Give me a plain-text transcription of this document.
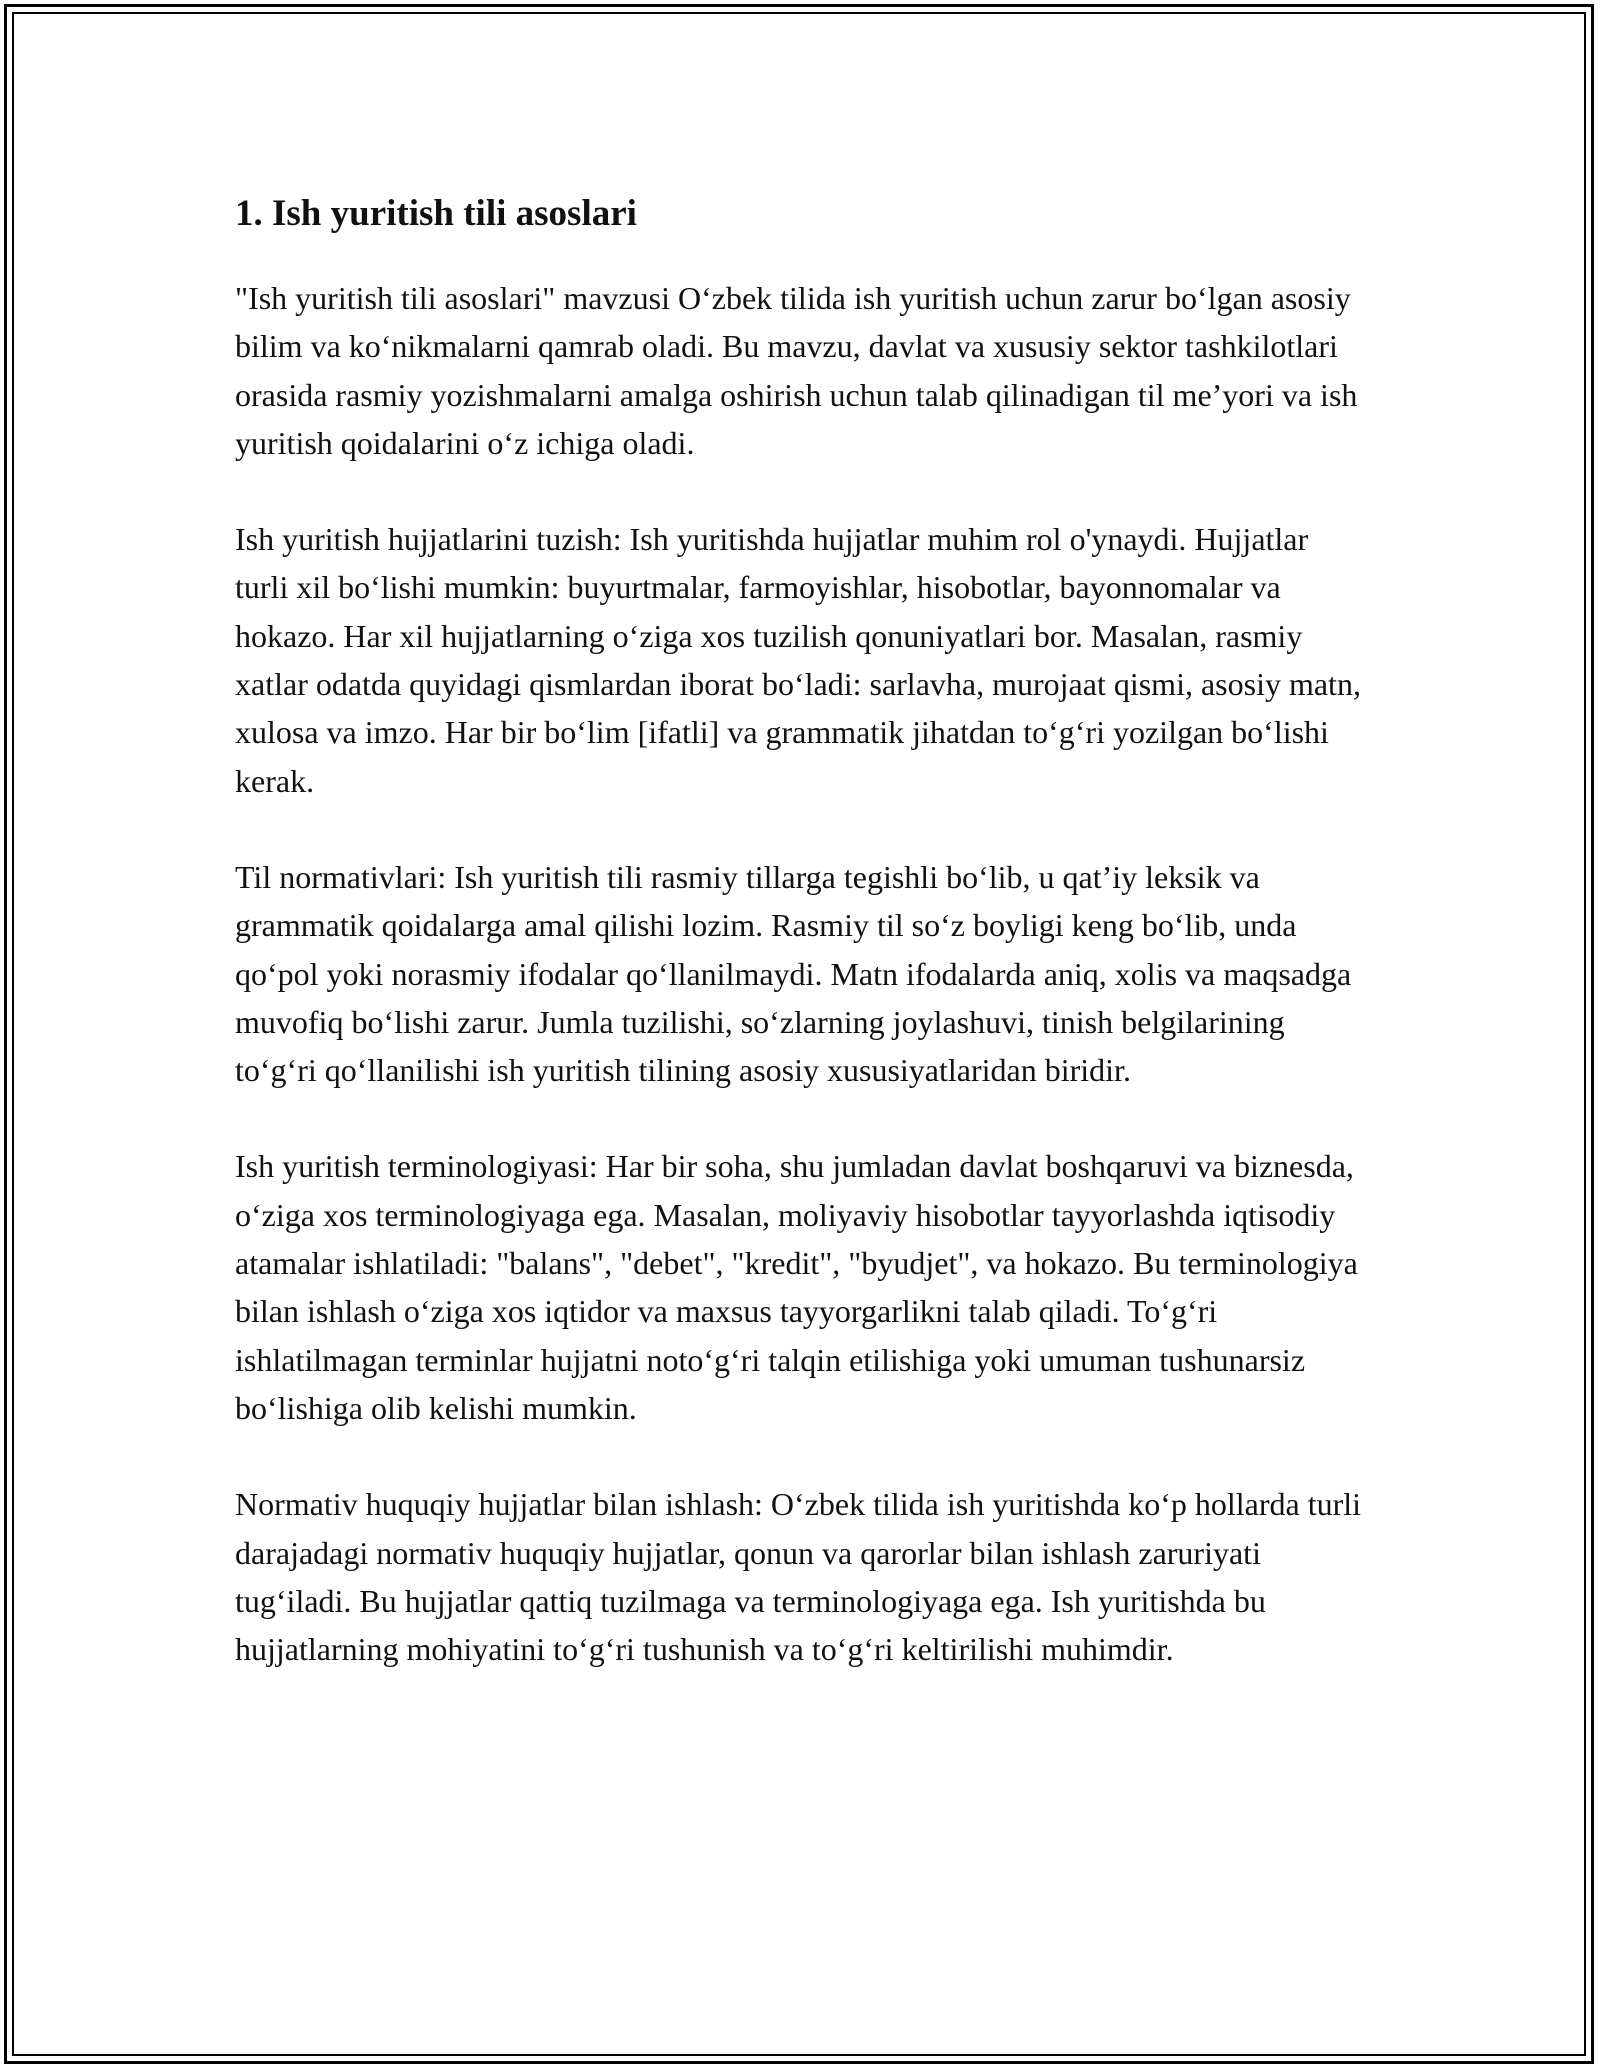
1. Ish yuritish tili asoslari

"Ish yuritish tili asoslari" mavzusi O‘zbek tilida ish yuritish uchun zarur bo‘lgan asosiy bilim va ko‘nikmalarni qamrab oladi. Bu mavzu, davlat va xususiy sektor tashkilotlari orasida rasmiy yozishmalarni amalga oshirish uchun talab qilinadigan til me’yori va ish yuritish qoidalarini o‘z ichiga oladi.

Ish yuritish hujjatlarini tuzish: Ish yuritishda hujjatlar muhim rol o'ynaydi. Hujjatlar turli xil bo‘lishi mumkin: buyurtmalar, farmoyishlar, hisobotlar, bayonnomalar va hokazo. Har xil hujjatlarning o‘ziga xos tuzilish qonuniyatlari bor. Masalan, rasmiy xatlar odatda quyidagi qismlardan iborat bo‘ladi: sarlavha, murojaat qismi, asosiy matn, xulosa va imzo. Har bir bo‘lim [ifatli] va grammatik jihatdan to‘g‘ri yozilgan bo‘lishi kerak.

Til normativlari: Ish yuritish tili rasmiy tillarga tegishli bo‘lib, u qat’iy leksik va grammatik qoidalarga amal qilishi lozim. Rasmiy til so‘z boyligi keng bo‘lib, unda qo‘pol yoki norasmiy ifodalar qo‘llanilmaydi. Matn ifodalarda aniq, xolis va maqsadga muvofiq bo‘lishi zarur. Jumla tuzilishi, so‘zlarning joylashuvi, tinish belgilarining to‘g‘ri qo‘llanilishi ish yuritish tilining asosiy xususiyatlaridan biridir.

Ish yuritish terminologiyasi: Har bir soha, shu jumladan davlat boshqaruvi va biznesda, o‘ziga xos terminologiyaga ega. Masalan, moliyaviy hisobotlar tayyorlashda iqtisodiy atamalar ishlatiladi: "balans", "debet", "kredit", "byudjet", va hokazo. Bu terminologiya bilan ishlash o‘ziga xos iqtidor va maxsus tayyorgarlikni talab qiladi. To‘g‘ri ishlatilmagan terminlar hujjatni noto‘g‘ri talqin etilishiga yoki umuman tushunarsiz bo‘lishiga olib kelishi mumkin.

Normativ huquqiy hujjatlar bilan ishlash: O‘zbek tilida ish yuritishda ko‘p hollarda turli darajadagi normativ huquqiy hujjatlar, qonun va qarorlar bilan ishlash zaruriyati tug‘iladi. Bu hujjatlar qattiq tuzilmaga va terminologiyaga ega. Ish yuritishda bu hujjatlarning mohiyatini to‘g‘ri tushunish va to‘g‘ri keltirilishi muhimdir.
